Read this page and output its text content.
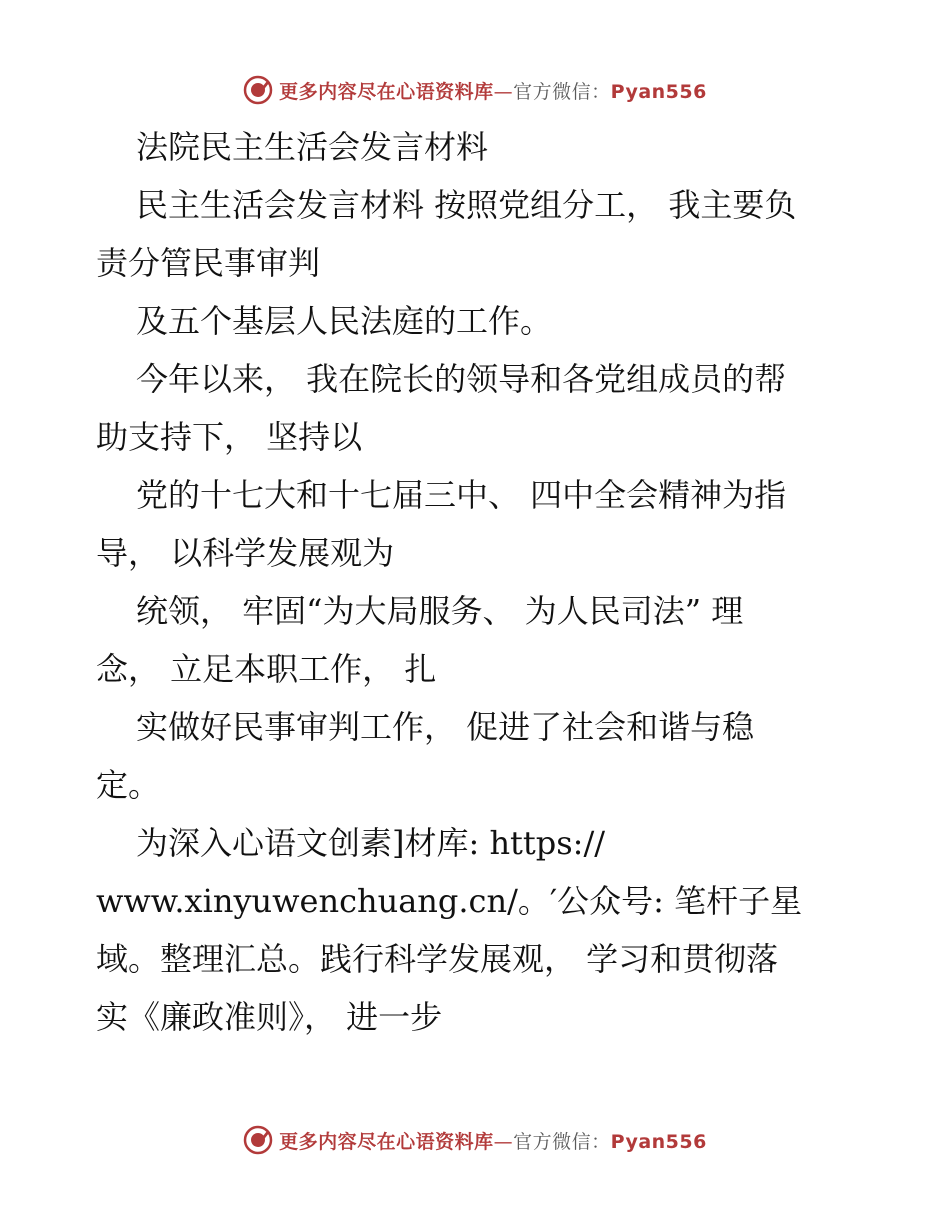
更多内容尽在心语资料库—官方微信：Pyan556
法院民主生活会发言材料
民主生活会发言材料 按照党组分工， 我主要负
责分管民事审判
及五个基层人民法庭的工作。
今年以来， 我在院长的领导和各党组成员的帮
助支持下， 坚持以
党的十七大和十七届三中、 四中全会精神为指
导， 以科学发展观为
统领， 牢固“为大局服务、 为人民司法” 理
念， 立足本职工作， 扎
实做好民事审判工作， 促进了社会和谐与稳
定。
为深入心语文创素]材库: https://
www.xinyuwenchuang.cn/。′公众号: 笔杆子星
域。整理汇总。践行科学发展观， 学习和贯彻落
实《廉政准则》， 进一步
更多内容尽在心语资料库—官方微信：Pyan556
